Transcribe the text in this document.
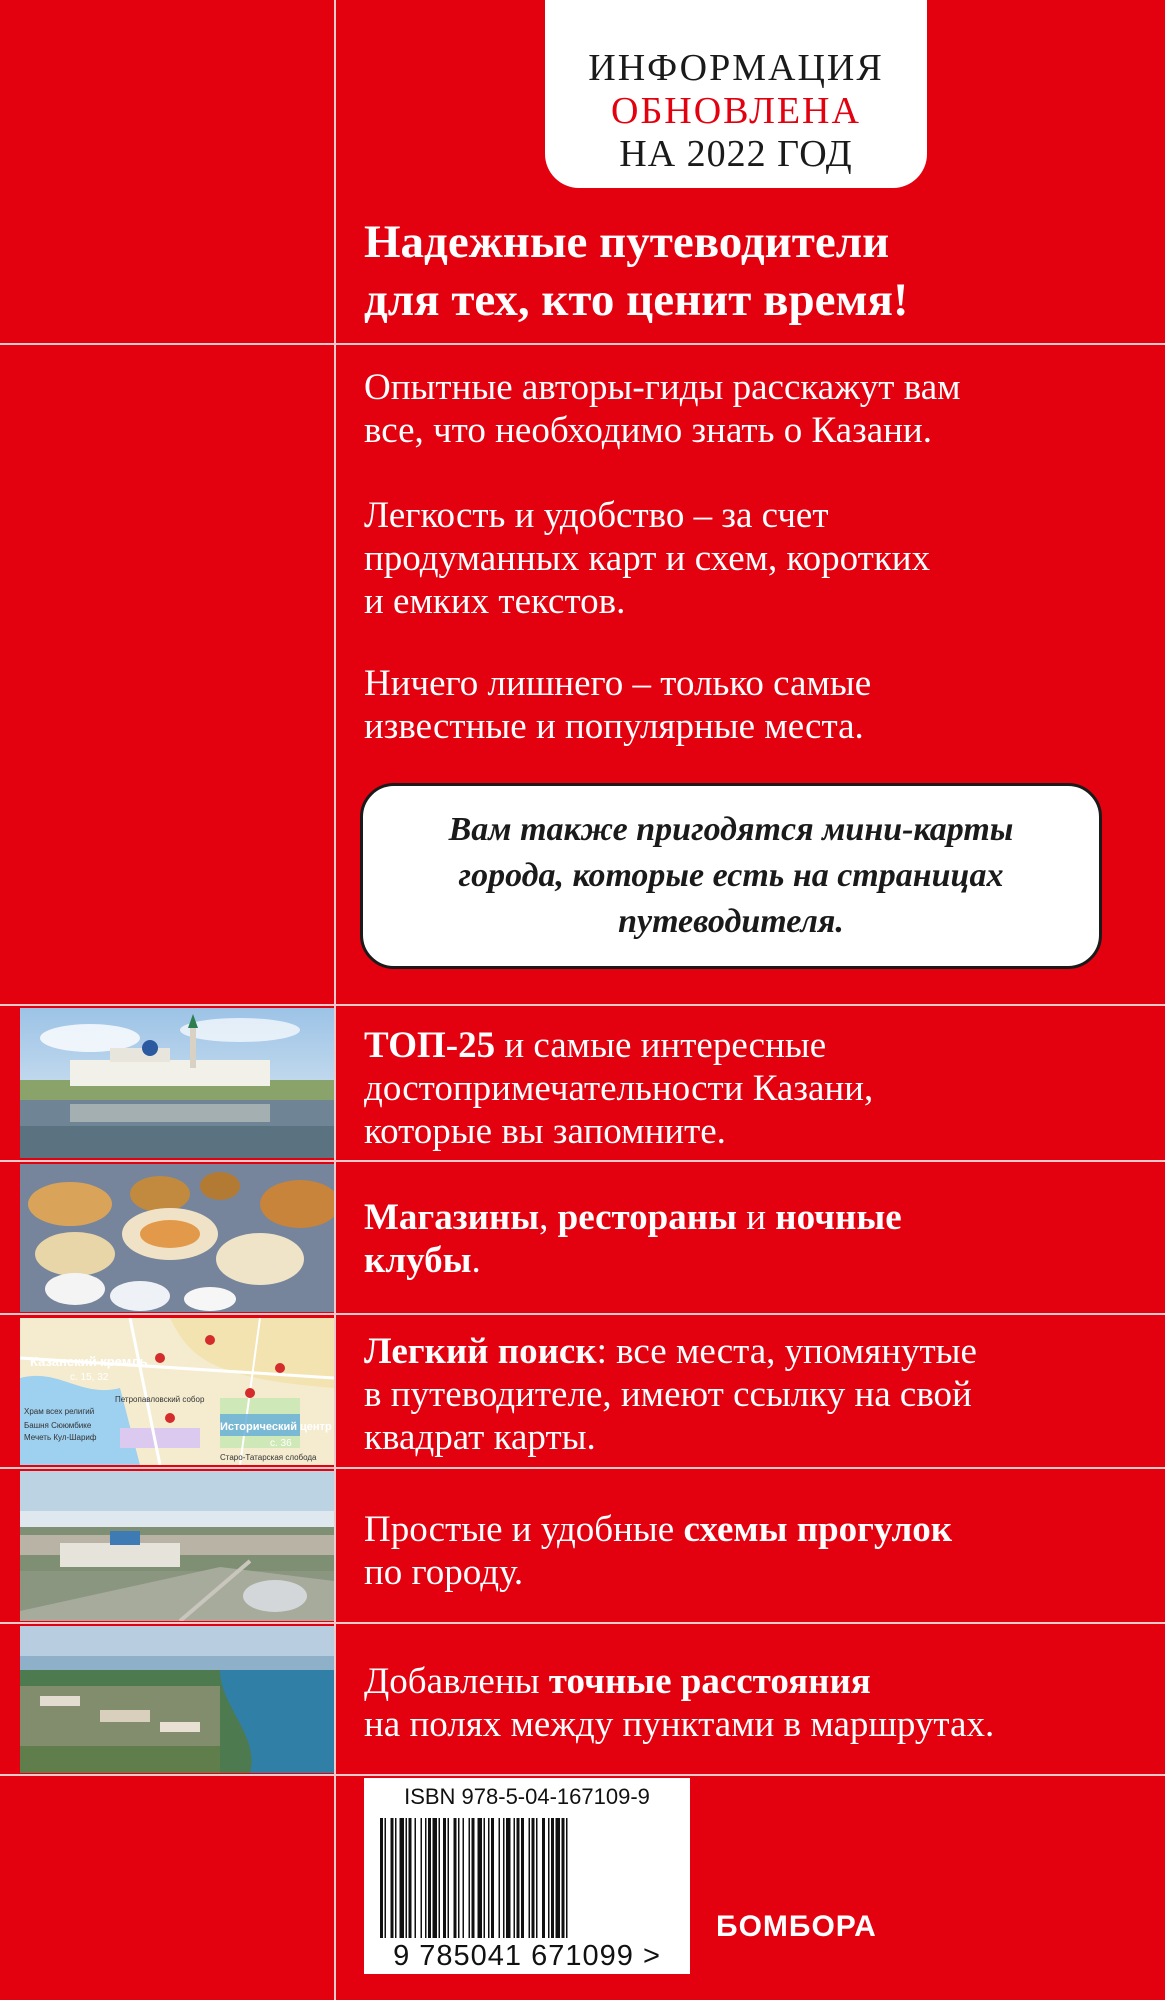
ИНФОРМАЦИЯ
ОБНОВЛЕНА
НА 2022 ГОД
Надежные путеводители
для тех, кто ценит время!
Опытные авторы-гиды расскажут вам
все, что необходимо знать о Казани.
Легкость и удобство – за счет
продуманных карт и схем, коротких
и емких текстов.
Ничего лишнего – только самые
известные и популярные места.
Вам также пригодятся мини-карты
города, которые есть на страницах
путеводителя.
Казанский кремль
Исторический центр
с. 15, 32
с. 36
Петропавловский собор
Храм всех религий
Башня Сююмбике
Мечеть Кул-Шариф
Старо-Татарская слобода
ТОП-25 и самые интересные
достопримечательности Казани,
которые вы запомните.
Магазины, рестораны и ночные
клубы.
Легкий поиск: все места, упомянутые
в путеводителе, имеют ссылку на свой
квадрат карты.
Простые и удобные схемы прогулок
по городу.
Добавлены точные расстояния
на полях между пунктами в маршрутах.
ISBN 978-5-04-167109-9
9 785041 671099 >
БОМБОРА
